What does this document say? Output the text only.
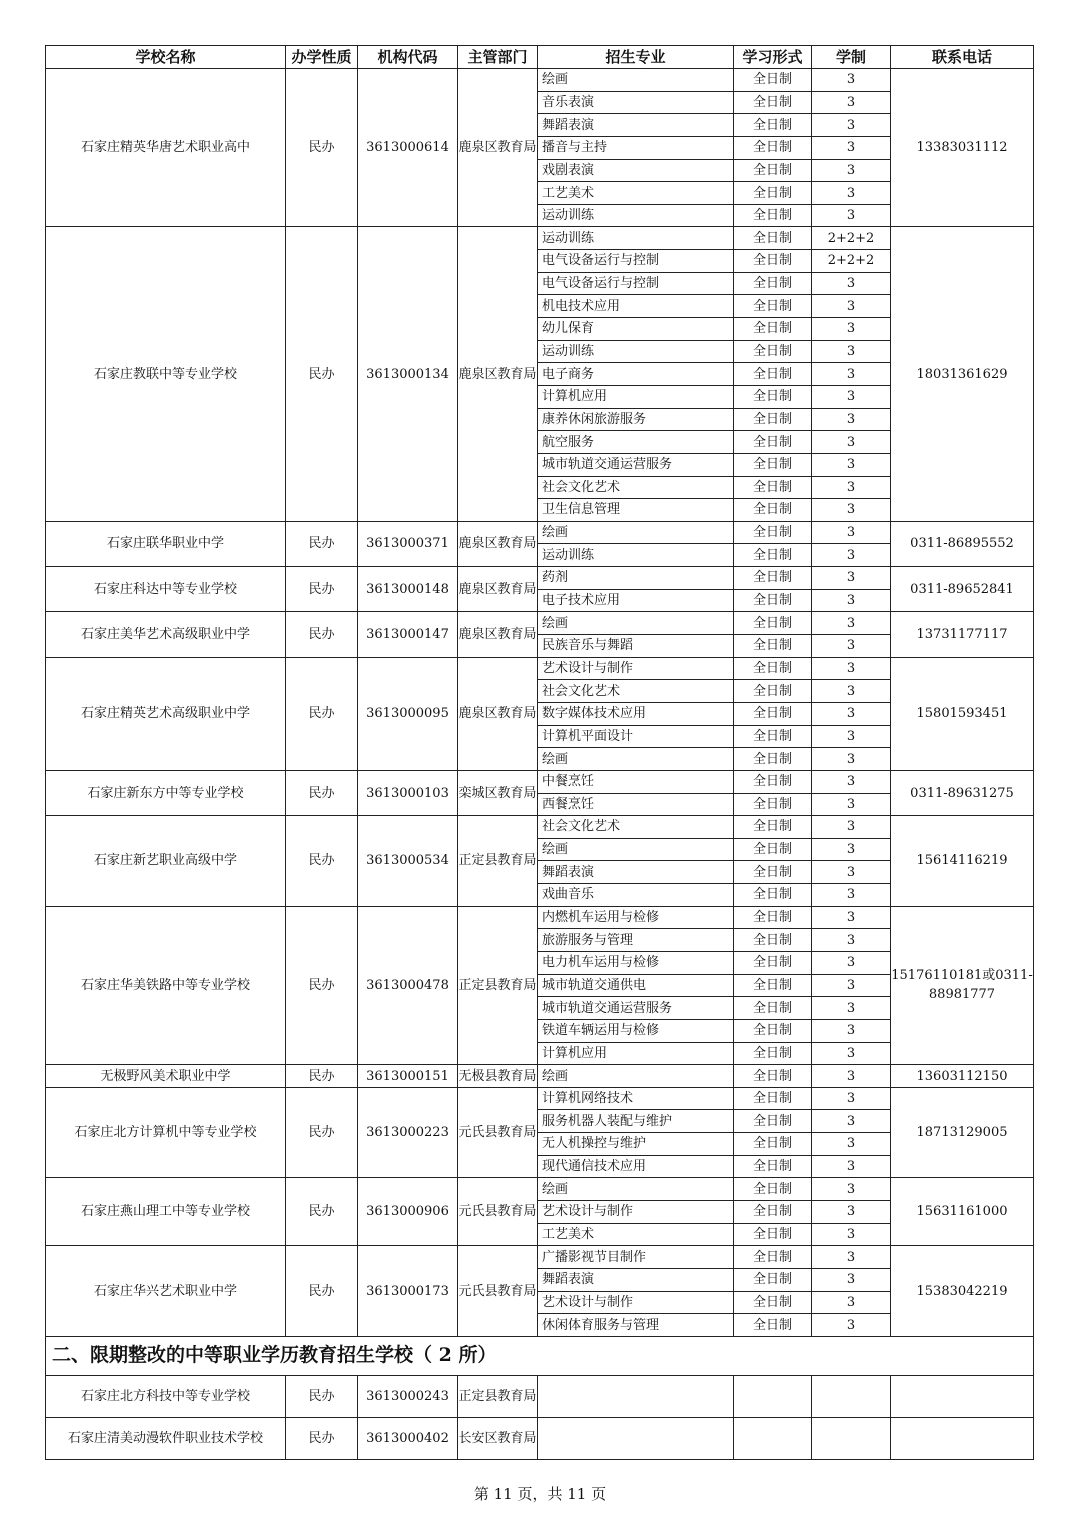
学校名称	办学性质	机构代码	主管部门	招生专业	学习形式	学制	联系电话
石家庄精英华唐艺术职业高中	民办	3613000614	鹿泉区教育局	绘画	全日制	3	13383031112
				音乐表演	全日制	3	
				舞蹈表演	全日制	3	
				播音与主持	全日制	3	
				戏剧表演	全日制	3	
				工艺美术	全日制	3	
				运动训练	全日制	3	
石家庄教联中等专业学校	民办	3613000134	鹿泉区教育局	运动训练	全日制	2+2+2	18031361629
				电气设备运行与控制	全日制	2+2+2	
				电气设备运行与控制	全日制	3	
				机电技术应用	全日制	3	
				幼儿保育	全日制	3	
				运动训练	全日制	3	
				电子商务	全日制	3	
				计算机应用	全日制	3	
				康养休闲旅游服务	全日制	3	
				航空服务	全日制	3	
				城市轨道交通运营服务	全日制	3	
				社会文化艺术	全日制	3	
				卫生信息管理	全日制	3	
石家庄联华职业中学	民办	3613000371	鹿泉区教育局	绘画	全日制	3	0311-86895552
				运动训练	全日制	3	
石家庄科达中等专业学校	民办	3613000148	鹿泉区教育局	药剂	全日制	3	0311-89652841
				电子技术应用	全日制	3	
石家庄美华艺术高级职业中学	民办	3613000147	鹿泉区教育局	绘画	全日制	3	13731177117
				民族音乐与舞蹈	全日制	3	
石家庄精英艺术高级职业中学	民办	3613000095	鹿泉区教育局	艺术设计与制作	全日制	3	15801593451
				社会文化艺术	全日制	3	
				数字媒体技术应用	全日制	3	
				计算机平面设计	全日制	3	
				绘画	全日制	3	
石家庄新东方中等专业学校	民办	3613000103	栾城区教育局	中餐烹饪	全日制	3	0311-89631275
				西餐烹饪	全日制	3	
石家庄新艺职业高级中学	民办	3613000534	正定县教育局	社会文化艺术	全日制	3	15614116219
				绘画	全日制	3	
				舞蹈表演	全日制	3	
				戏曲音乐	全日制	3	
石家庄华美铁路中等专业学校	民办	3613000478	正定县教育局	内燃机车运用与检修	全日制	3	15176110181或0311-88981777
				旅游服务与管理	全日制	3	
				电力机车运用与检修	全日制	3	
				城市轨道交通供电	全日制	3	
				城市轨道交通运营服务	全日制	3	
				铁道车辆运用与检修	全日制	3	
				计算机应用	全日制	3	
无极野风美术职业中学	民办	3613000151	无极县教育局	绘画	全日制	3	13603112150
石家庄北方计算机中等专业学校	民办	3613000223	元氏县教育局	计算机网络技术	全日制	3	18713129005
				服务机器人装配与维护	全日制	3	
				无人机操控与维护	全日制	3	
				现代通信技术应用	全日制	3	
石家庄燕山理工中等专业学校	民办	3613000906	元氏县教育局	绘画	全日制	3	15631161000
				艺术设计与制作	全日制	3	
				工艺美术	全日制	3	
石家庄华兴艺术职业中学	民办	3613000173	元氏县教育局	广播影视节目制作	全日制	3	15383042219
				舞蹈表演	全日制	3	
				艺术设计与制作	全日制	3	
				休闲体育服务与管理	全日制	3	
二、限期整改的中等职业学历教育招生学校（ 2 所）							
石家庄北方科技中等专业学校	民办	3613000243	正定县教育局				
石家庄清美动漫软件职业技术学校	民办	3613000402	长安区教育局				
第 11 页，共 11 页
